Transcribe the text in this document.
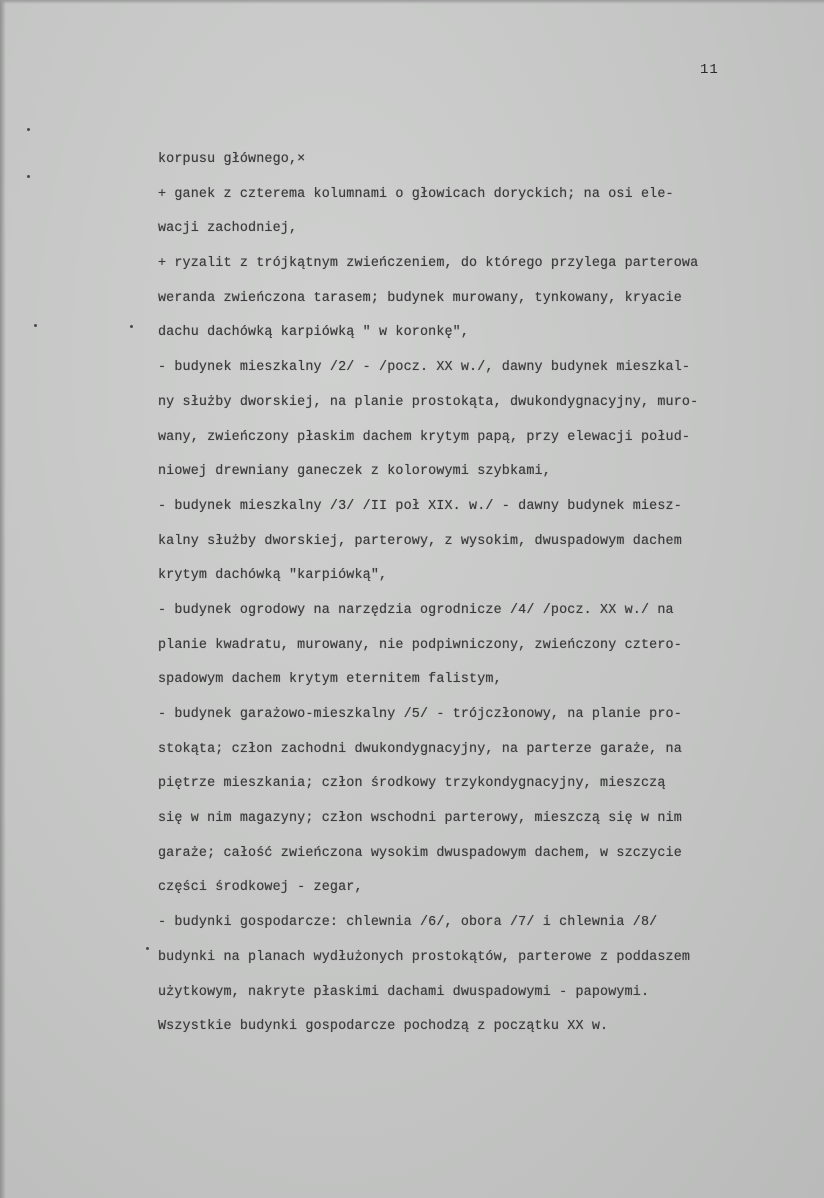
11
korpusu głównego,×
+ ganek z czterema kolumnami o głowicach doryckich; na osi ele-
wacji zachodniej,
+ ryzalit z trójkątnym zwieńczeniem, do którego przylega parterowa
weranda zwieńczona tarasem; budynek murowany, tynkowany, kryacie
dachu dachówką karpiówką " w koronkę",
- budynek mieszkalny /2/ - /pocz. XX w./, dawny budynek mieszkal-
ny służby dworskiej, na planie prostokąta, dwukondygnacyjny, muro-
wany, zwieńczony płaskim dachem krytym papą, przy elewacji połud-
niowej drewniany ganeczek z kolorowymi szybkami,
- budynek mieszkalny /3/ /II poł XIX. w./ - dawny budynek miesz-
kalny służby dworskiej, parterowy, z wysokim, dwuspadowym dachem
krytym dachówką "karpiówką",
- budynek ogrodowy na narzędzia ogrodnicze /4/ /pocz. XX w./ na
planie kwadratu, murowany, nie podpiwniczony, zwieńczony cztero-
spadowym dachem krytym eternitem falistym,
- budynek garażowo-mieszkalny /5/ - trójczłonowy, na planie pro-
stokąta; człon zachodni dwukondygnacyjny, na parterze garaże, na
piętrze mieszkania; człon środkowy trzykondygnacyjny, mieszczą
się w nim magazyny; człon wschodni parterowy, mieszczą się w nim
garaże; całość zwieńczona wysokim dwuspadowym dachem, w szczycie
części środkowej - zegar,
- budynki gospodarcze: chlewnia /6/, obora /7/ i chlewnia /8/
budynki na planach wydłużonych prostokątów, parterowe z poddaszem
użytkowym, nakryte płaskimi dachami dwuspadowymi - papowymi.
Wszystkie budynki gospodarcze pochodzą z początku XX w.
